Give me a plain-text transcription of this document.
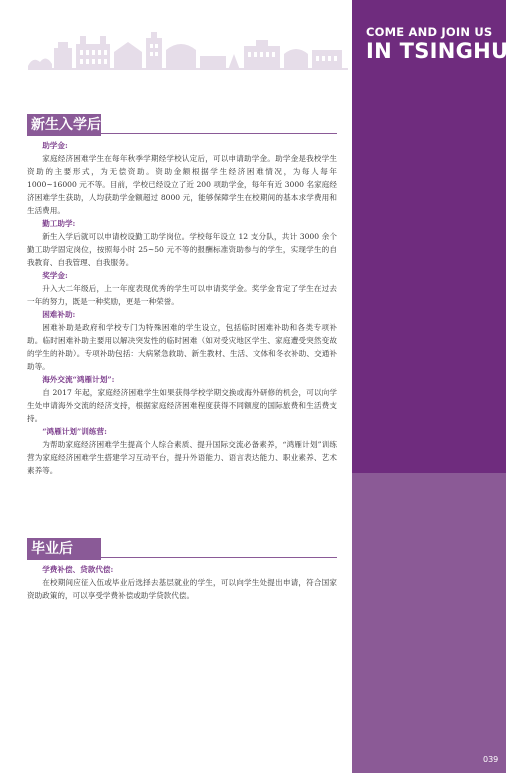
COME AND JOIN US
IN TSINGHUA
039
新生入学后

助学金:

家庭经济困难学生在每年秋季学期经学校认定后，可以申请助学金。助学金是我校学生资助的主要形式，为无偿资助。资助金额根据学生经济困难情况，为每人每年 1000~16000 元不等。目前，学校已经设立了近 200 项助学金，每年有近 3000 名家庭经济困难学生获助，人均获助学金额超过 8000 元，能够保障学生在校期间的基本求学费用和生活费用。

勤工助学:

新生入学后就可以申请校设勤工助学岗位。学校每年设立 12 支分队，共计 3000 余个勤工助学固定岗位，按照每小时 25~50 元不等的报酬标准资助参与的学生，实现学生的自我教育、自我管理、自我服务。

奖学金:

升入大二年级后，上一年度表现优秀的学生可以申请奖学金。奖学金肯定了学生在过去一年的努力，既是一种奖励，更是一种荣誉。

困难补助:

困难补助是政府和学校专门为特殊困难的学生设立，包括临时困难补助和各类专项补助。临时困难补助主要用以解决突发性的临时困难（如对受灾地区学生、家庭遭受突然变故的学生的补助）。专项补助包括：大病紧急救助、新生教材、生活、文体和冬衣补助、交通补助等。

海外交流“鸿雁计划”:

自 2017 年起，家庭经济困难学生如果获得学校学期交换或海外研修的机会，可以向学生处申请海外交流的经济支持，根据家庭经济困难程度获得不同额度的国际旅费和生活费支持。

“鸿雁计划”训练营:

为帮助家庭经济困难学生提高个人综合素质、提升国际交流必备素养，“鸿雁计划”训练营为家庭经济困难学生搭建学习互动平台，提升外语能力、语言表达能力、职业素养、艺术素养等。

毕业后

学费补偿、贷款代偿:

在校期间应征入伍或毕业后选择去基层就业的学生，可以向学生处提出申请，符合国家资助政策的，可以享受学费补偿或助学贷款代偿。
